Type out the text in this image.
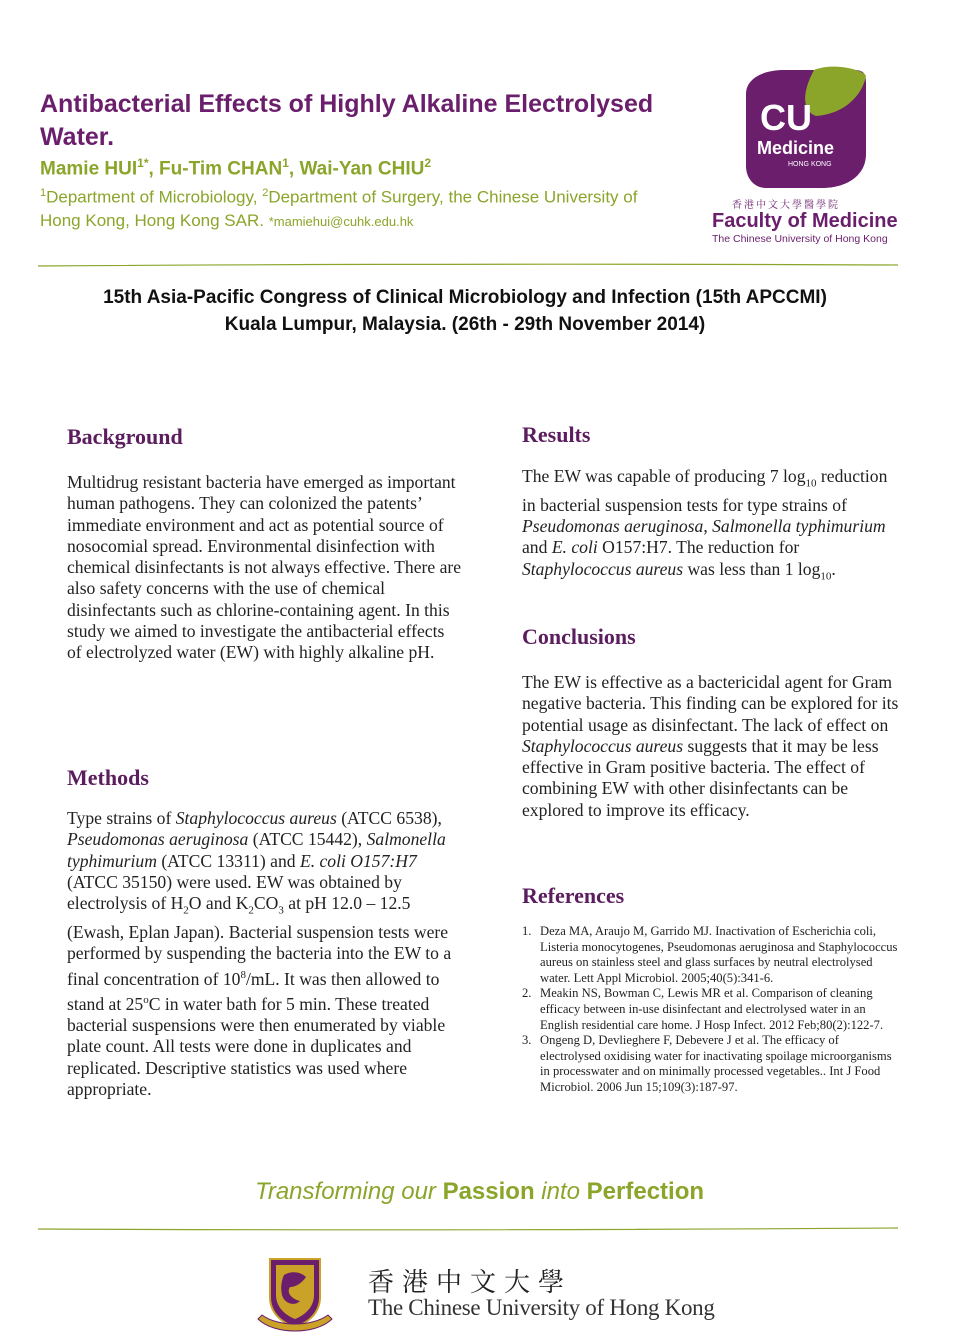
Antibacterial Effects of Highly Alkaline Electrolysed Water.
Mamie $HUI^{1*}$, Fu-Tim CHAN$^1$, Wai-Yan CHIU$^2$
$^1$Department of Microbiology, $^2$Department of Surgery, the Chinese University of Hong Kong, Hong Kong SAR. *mamiehui@cuhk.edu.hk
CU
Medicine
HONG KONG
香港中文大學醫學院
Faculty of Medicine
The Chinese University of Hong Kong
15th Asia-Pacific Congress of Clinical Microbiology and Infection (15th APCCMI)
Kuala Lumpur, Malaysia. (26th - 29th November 2014)
Background
Multidrug resistant bacteria have emerged as important human pathogens. They can colonized the patents’ immediate environment and act as potential source of nosocomial spread. Environmental disinfection with chemical disinfectants is not always effective. There are also safety concerns with the use of chemical disinfectants such as chlorine-containing agent. In this study we aimed to investigate the antibacterial effects of electrolyzed water (EW) with highly alkaline pH.
Methods
Type strains of Staphylococcus aureus (ATCC 6538), Pseudomonas aeruginosa (ATCC 15442), Salmonella typhimurium (ATCC 13311) and E. coli O157:H7 (ATCC 35150) were used. EW was obtained by electrolysis of $H_2O$ and $K_2CO_3$ at pH 12.0 – 12.5 (Ewash, Eplan Japan). Bacterial suspension tests were performed by suspending the bacteria into the EW to a final concentration of $10^8/mL$. It was then allowed to stand at 25$^o$C in water bath for 5 min. These treated bacterial suspensions were then enumerated by viable plate count. All tests were done in duplicates and replicated. Descriptive statistics was used where appropriate.
Results
The EW was capable of producing 7 $\log_{10}$ reduction in bacterial suspension tests for type strains of Pseudomonas aeruginosa, Salmonella typhimurium and E. coli O157:H7. The reduction for Staphylococcus aureus was less than 1 $\log_{10}$.
Conclusions
The EW is effective as a bactericidal agent for Gram negative bacteria. This finding can be explored for its potential usage as disinfectant. The lack of effect on Staphylococcus aureus suggests that it may be less effective in Gram positive bacteria. The effect of combining EW with other disinfectants can be explored to improve its efficacy.
References
1. Deza MA, Araujo M, Garrido MJ. Inactivation of Escherichia coli, Listeria monocytogenes, Pseudomonas aeruginosa and Staphylococcus aureus on stainless steel and glass surfaces by neutral electrolysed water. Lett Appl Microbiol. 2005;40(5):341-6.
2. Meakin NS, Bowman C, Lewis MR et al. Comparison of cleaning efficacy between in-use disinfectant and electrolysed water in an English residential care home. J Hosp Infect. 2012 Feb;80(2):122-7.
3. Ongeng D, Devlieghere F, Debevere J et al. The efficacy of electrolysed oxidising water for inactivating spoilage microorganisms in processwater and on minimally processed vegetables.. Int J Food Microbiol. 2006 Jun 15;109(3):187-97.
Transforming our Passion into Perfection
香港中文大學
The Chinese University of Hong Kong
